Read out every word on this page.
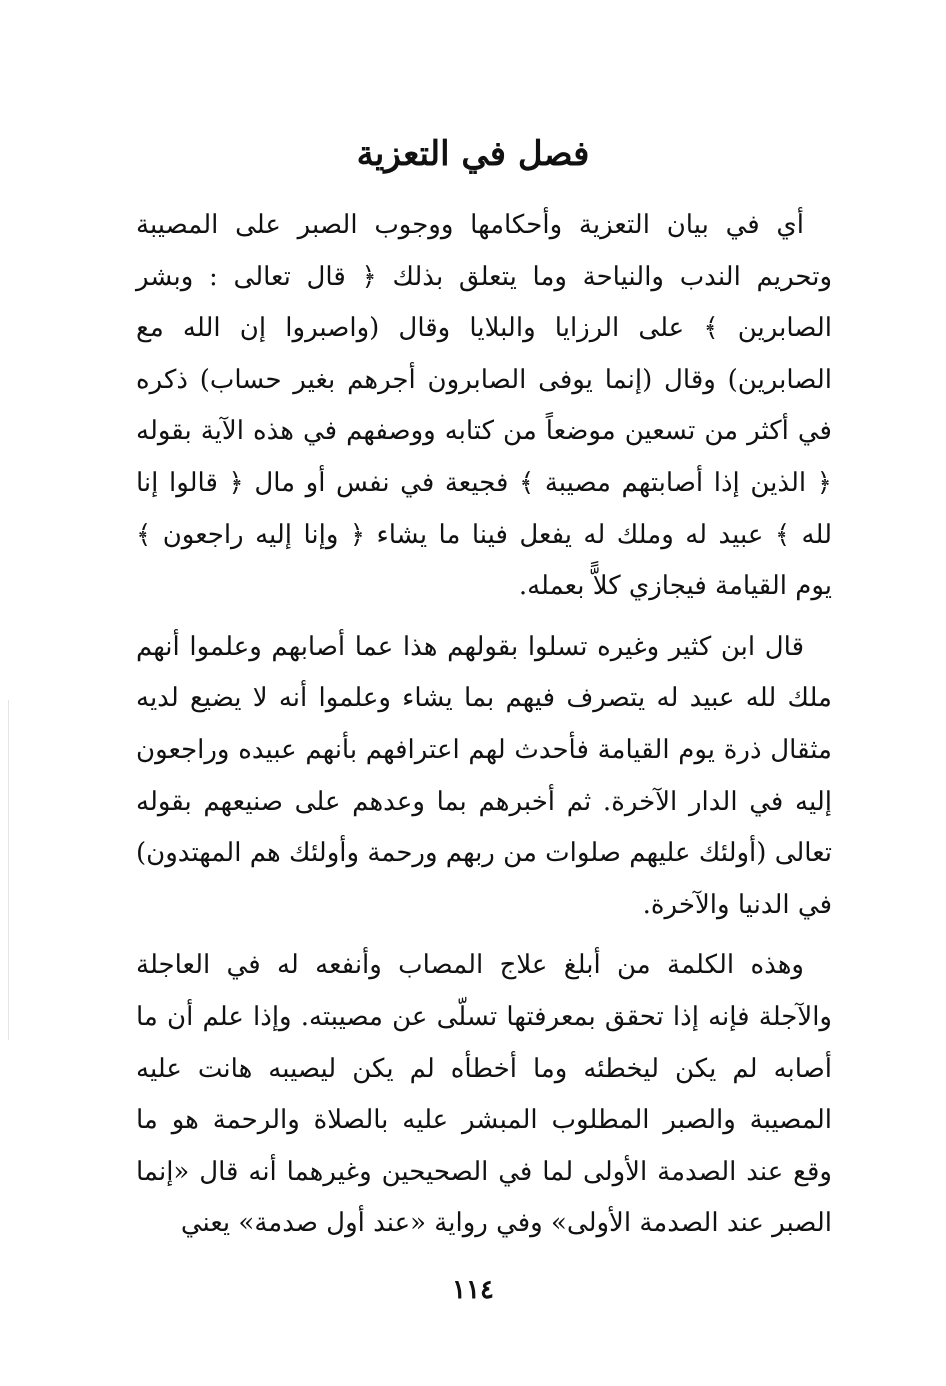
فصل في التعزية

أي في بيان التعزية وأحكامها ووجوب الصبر على المصيبة وتحريم الندب والنياحة وما يتعلق بذلك ﴿ قال تعالى : وبشر الصابرين ﴾ على الرزايا والبلايا وقال (واصبروا إن الله مع الصابرين) وقال (إنما يوفى الصابرون أجرهم بغير حساب) ذكره في أكثر من تسعين موضعاً من كتابه ووصفهم في هذه الآية بقوله ﴿ الذين إذا أصابتهم مصيبة ﴾ فجيعة في نفس أو مال ﴿ قالوا إنا لله ﴾ عبيد له وملك له يفعل فينا ما يشاء ﴿ وإنا إليه راجعون ﴾ يوم القيامة فيجازي كلاًّ بعمله.

قال ابن كثير وغيره تسلوا بقولهم هذا عما أصابهم وعلموا أنهم ملك لله عبيد له يتصرف فيهم بما يشاء وعلموا أنه لا يضيع لديه مثقال ذرة يوم القيامة فأحدث لهم اعترافهم بأنهم عبيده وراجعون إليه في الدار الآخرة. ثم أخبرهم بما وعدهم على صنيعهم بقوله تعالى (أولئك عليهم صلوات من ربهم ورحمة وأولئك هم المهتدون) في الدنيا والآخرة.

وهذه الكلمة من أبلغ علاج المصاب وأنفعه له في العاجلة والآجلة فإنه إذا تحقق بمعرفتها تسلّى عن مصيبته. وإذا علم أن ما أصابه لم يكن ليخطئه وما أخطأه لم يكن ليصيبه هانت عليه المصيبة والصبر المطلوب المبشر عليه بالصلاة والرحمة هو ما وقع عند الصدمة الأولى لما في الصحيحين وغيرهما أنه قال «إنما الصبر عند الصدمة الأولى» وفي رواية «عند أول صدمة» يعني

١١٤
